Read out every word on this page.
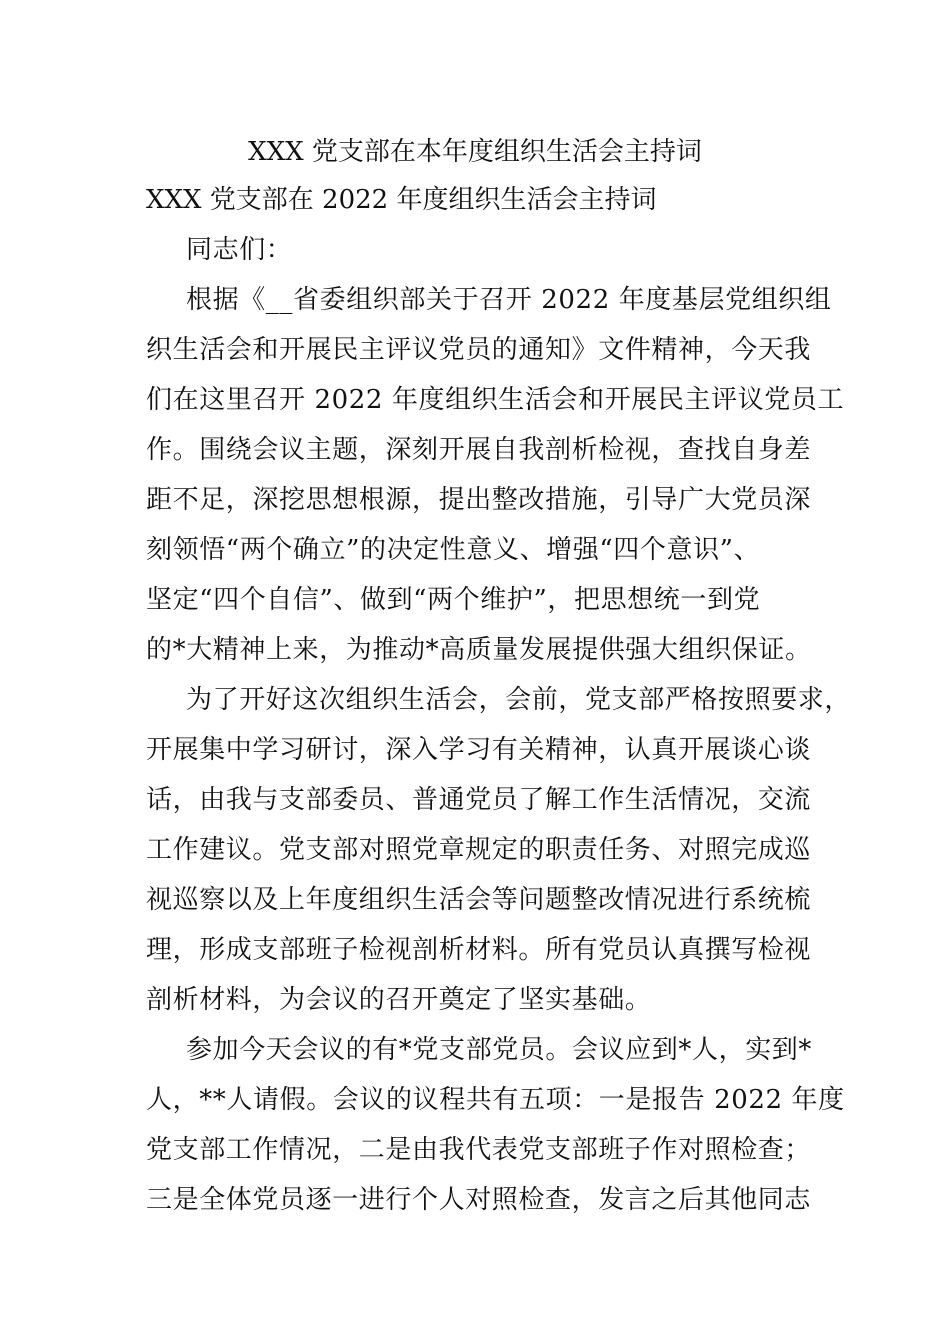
XXX 党支部在本年度组织生活会主持词
XXX 党支部在 2022 年度组织生活会主持词
同志们：
根据《__省委组织部关于召开 2022 年度基层党组织组
织生活会和开展民主评议党员的通知》文件精神，今天我
们在这里召开 2022 年度组织生活会和开展民主评议党员工
作。围绕会议主题，深刻开展自我剖析检视，查找自身差
距不足，深挖思想根源，提出整改措施，引导广大党员深
刻领悟“两个确立”的决定性意义、增强“四个意识”、
坚定“四个自信”、做到“两个维护”，把思想统一到党
的*大精神上来，为推动*高质量发展提供强大组织保证。
为了开好这次组织生活会，会前，党支部严格按照要求，
开展集中学习研讨，深入学习有关精神，认真开展谈心谈
话，由我与支部委员、普通党员了解工作生活情况，交流
工作建议。党支部对照党章规定的职责任务、对照完成巡
视巡察以及上年度组织生活会等问题整改情况进行系统梳
理，形成支部班子检视剖析材料。所有党员认真撰写检视
剖析材料，为会议的召开奠定了坚实基础。
参加今天会议的有*党支部党员。会议应到*人，实到*
人，**人请假。会议的议程共有五项：一是报告 2022 年度
党支部工作情况，二是由我代表党支部班子作对照检查；
三是全体党员逐一进行个人对照检查，发言之后其他同志
